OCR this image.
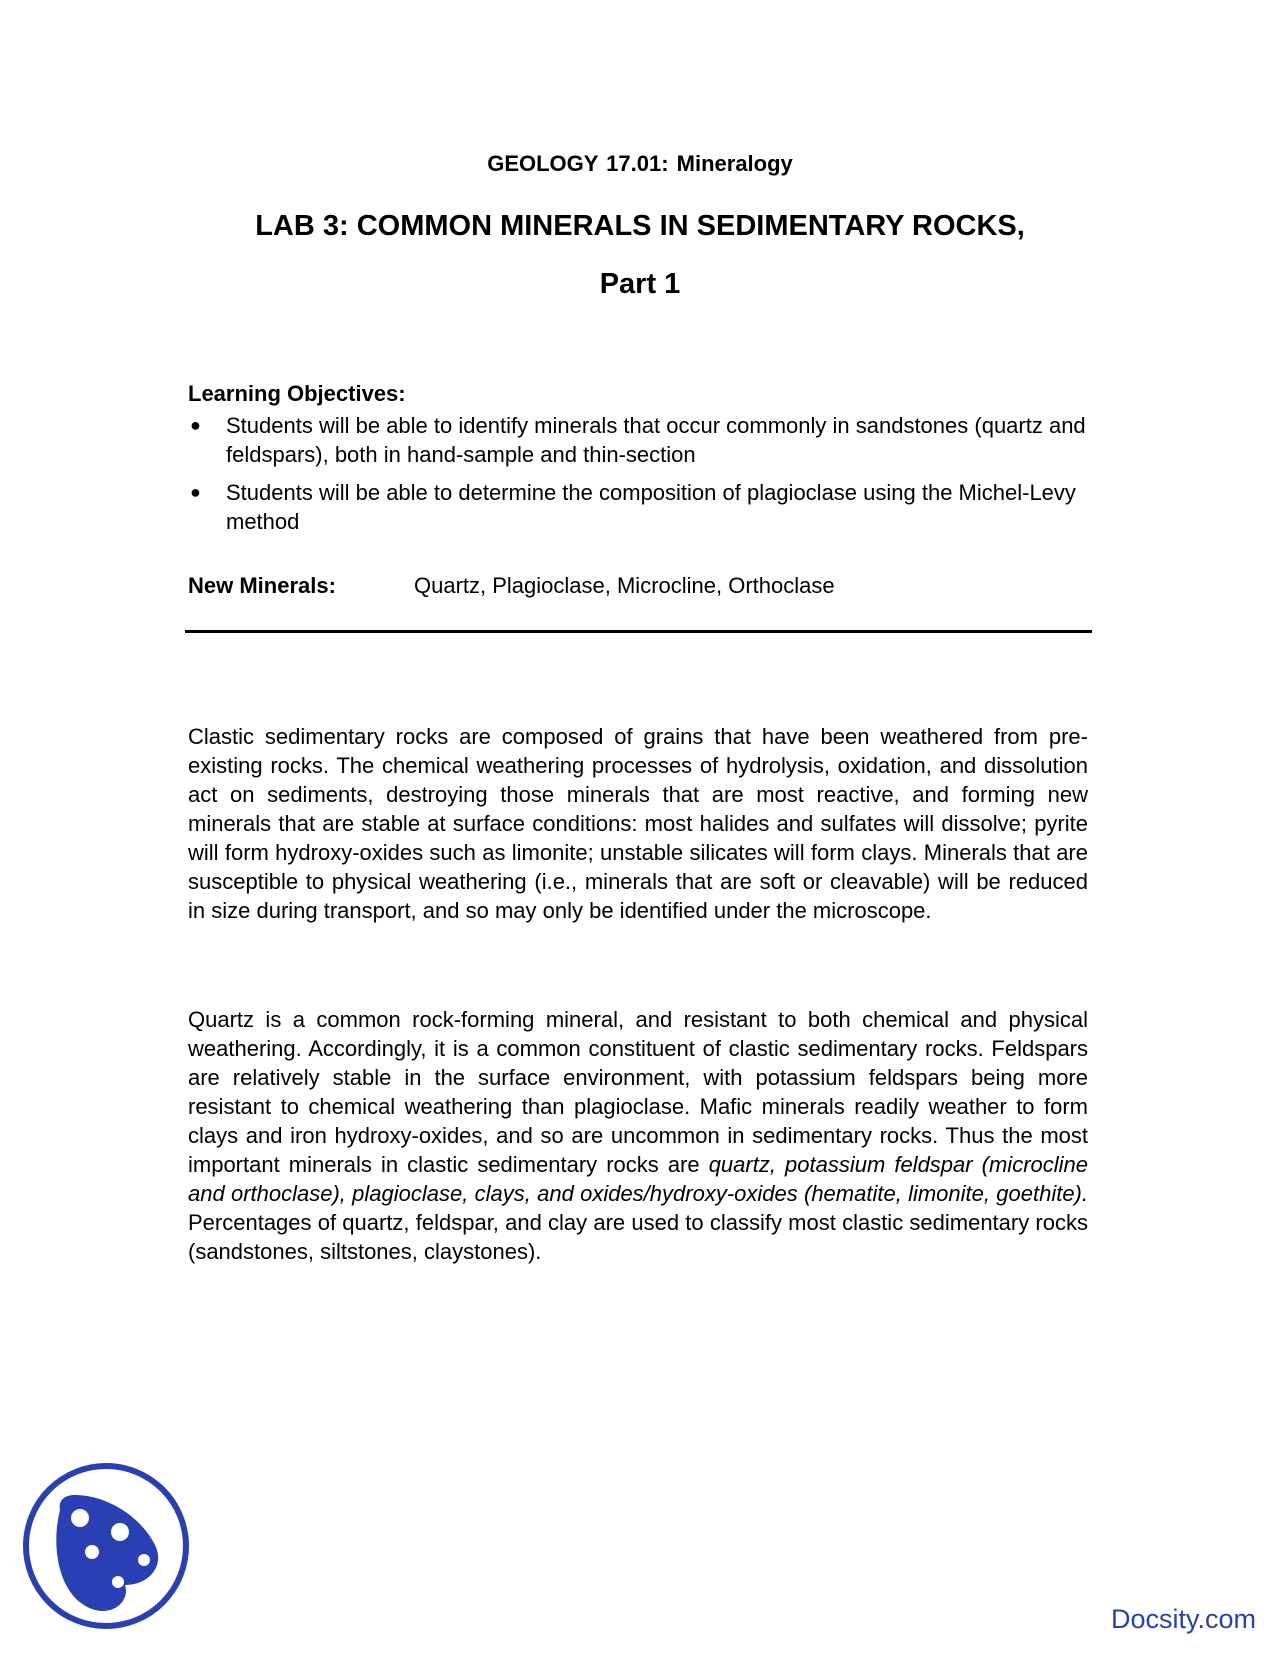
GEOLOGY 17.01: Mineralogy
LAB 3: COMMON MINERALS IN SEDIMENTARY ROCKS,
Part 1
Learning Objectives:
● Students will be able to identify minerals that occur commonly in sandstones (quartz and feldspars), both in hand-sample and thin-section
● Students will be able to determine the composition of plagioclase using the Michel-Levy method
New Minerals:	Quartz, Plagioclase, Microcline, Orthoclase

Clastic sedimentary rocks are composed of grains that have been weathered from pre-existing rocks. The chemical weathering processes of hydrolysis, oxidation, and dissolution act on sediments, destroying those minerals that are most reactive, and forming new minerals that are stable at surface conditions: most halides and sulfates will dissolve; pyrite will form hydroxy-oxides such as limonite; unstable silicates will form clays. Minerals that are susceptible to physical weathering (i.e., minerals that are soft or cleavable) will be reduced in size during transport, and so may only be identified under the microscope.

Quartz is a common rock-forming mineral, and resistant to both chemical and physical weathering. Accordingly, it is a common constituent of clastic sedimentary rocks. Feldspars are relatively stable in the surface environment, with potassium feldspars being more resistant to chemical weathering than plagioclase. Mafic minerals readily weather to form clays and iron hydroxy-oxides, and so are uncommon in sedimentary rocks. Thus the most important minerals in clastic sedimentary rocks are quartz, potassium feldspar (microcline and orthoclase), plagioclase, clays, and oxides/hydroxy-oxides (hematite, limonite, goethite). Percentages of quartz, feldspar, and clay are used to classify most clastic sedimentary rocks (sandstones, siltstones, claystones).

Docsity.com
